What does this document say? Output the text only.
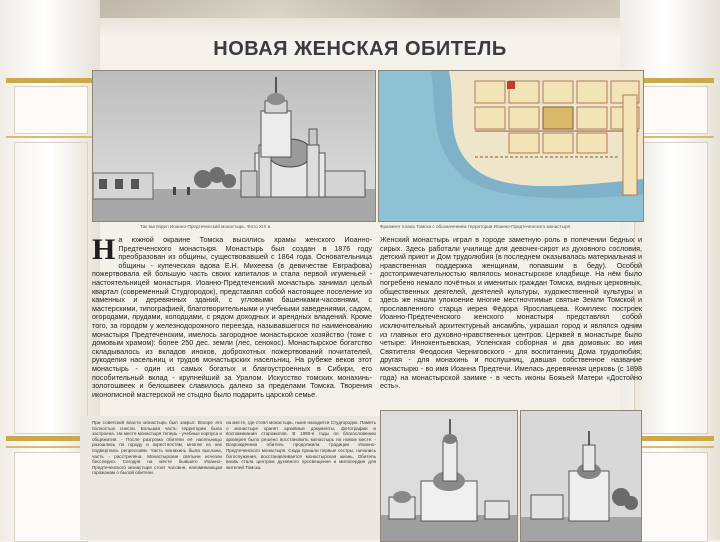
НОВАЯ ЖЕНСКАЯ ОБИТЕЛЬ
Так выглядел Иоанно-Предтеченский монастырь. Фото XIX в.	Фрагмент плана Томска с обозначением территории Иоанно-Предтеченского монастыря
На южной окраине Томска высились храмы женского Иоанно-Предтеченского монастыря. Монастырь был создан в 1876 году преобразован из общины, существовавшей с 1864 года. Основательница общины - купеческая вдова Е.Н. Михеева (в девичестве Евграфова) пожертвовала ей большую часть своих капиталов и стала первой игуменьей - настоятельницей монастыря. Иоанно-Предтеченский монастырь занимал целый квартал (современный Студгородок), представлял собой настоящее поселение из каменных и деревянных зданий, с угловыми башенками-часовнями, с мастерскими, типографией, благотворительными и учебными заведениями, садом, огородами, прудами, колодцами, с рядом доходных и арендных владений. Кроме того, за городом у железнодорожного переезда, называвшегося по наименованию монастыря Предтеченским, имелось загородное монастырское хозяйство (тоже с домовым храмом): более 250 дес. земли (лес, сенокос). Монастырское богатство складывалось из вкладов иноков, доброхотных пожертвований почитателей, рукоделия насельниц и трудов монастырских насельниц. На рубеже веков этот монастырь - один из самых богатых и благоустроенных в Сибири, его пособительный вклад - крупнейший за Уралом. Искусство томских монахинь-золотошвеек и белошвеек славилось далеко за пределами Томска. Творения иконописной мастерской не стыдно было подарить царской семье.
Женский монастырь играл в городе заметную роль в попечении бедных и сирых. Здесь работали училище для девочек-сирот из духовного сословия, детский приют и Дом трудолюбия (в последнем оказывалась материальная и нравственная поддержка женщинам, попавшим в беду). Особой достопримечательностью являлось монастырское кладбище. На нём было погребено немало почётных и именитых граждан Томска, видных церковных, общественных деятелей, деятелей культуры, художественной культуры и здесь же нашли упокоение многие местночтимые святые Земли Томской и прославленного старца иерея Фёдора Ярославцева. Комплекс построек Иоанно-Предтеченского женского монастыря представлял собой исключительный архитектурный ансамбль, украшал город и являлся одним из главных его духовно-нравственных центров. Церквей в монастыре было четыре: Иннокентьевская, Успенская соборная и два домовых: во имя Святителя Феодосия Черниговского - для воспитанниц Дома трудолюбия; другая - для монахинь и послушниц, давшая собственное название монастырю - во имя Иоанна Предтечи. Имелась деревянная церковь (с 1898 года) на монастырской заимке - в честь иконы Божьей Матери «Достойно есть».
При советской власти монастырь был закрыт. Вскоре его полностью снесли. Большая часть территории была застроена. На месте монастыря теперь - учебные корпуса и общежития. - После разгрома обители её насельницы разошлись по городу и окрестностям, многие из них подверглись репрессиям. Часть монахинь была выслана, часть - расстреляна. Монастырские святыни исчезли бесследно. Сегодня на месте бывшего Иоанно-Предтеченского монастыря стоит часовня, напоминающая горожанам о былой обители.
на месте, где стоял монастырь, ныне находится Студгородок. Память о монастыре хранят архивные документы, фотографии и воспоминания старожилов. В 1990-е годы по благословению архиерея было решено восстановить монастырь на новом месте. - Возрождённая обитель продолжила традиции Иоанно-Предтеченского монастыря. Сюда пришли первые сестры, начались богослужения, восстанавливается монастырская жизнь. Обитель вновь стала центром духовного просвещения и милосердия для жителей Томска.
